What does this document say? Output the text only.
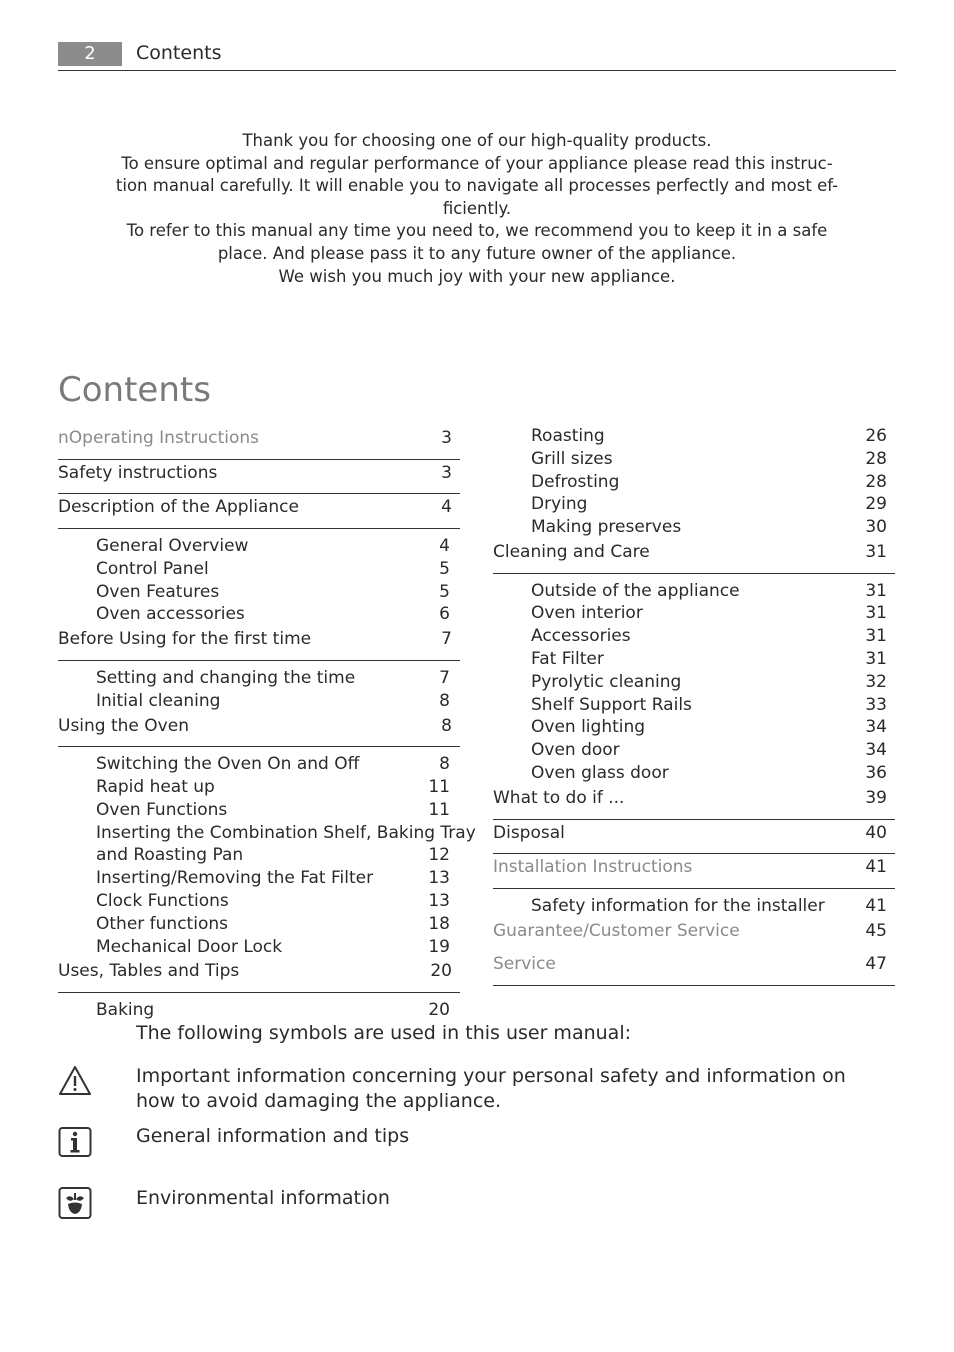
2	Contents
Thank you for choosing one of our high-quality products.
To ensure optimal and regular performance of your appliance please read this instruc-
tion manual carefully. It will enable you to navigate all processes perfectly and most ef-
ficiently.
To refer to this manual any time you need to, we recommend you to keep it in a safe
place. And please pass it to any future owner of the appliance.
We wish you much joy with your new appliance.
Contents
nOperating Instructions	3
Safety instructions	3
Description of the Appliance	4
General Overview	4
Control Panel	5
Oven Features	5
Oven accessories	6
Before Using for the first time	7
Setting and changing the time	7
Initial cleaning	8
Using the Oven	8
Switching the Oven On and Off	8
Rapid heat up	11
Oven Functions	11
Inserting the Combination Shelf, Baking Tray
and Roasting Pan	12
Inserting/Removing the Fat Filter	13
Clock Functions	13
Other functions	18
Mechanical Door Lock	19
Uses, Tables and Tips	20
Baking	20
Roasting	26
Grill sizes	28
Defrosting	28
Drying	29
Making preserves	30
Cleaning and Care	31
Outside of the appliance	31
Oven interior	31
Accessories	31
Fat Filter	31
Pyrolytic cleaning	32
Shelf Support Rails	33
Oven lighting	34
Oven door	34
Oven glass door	36
What to do if ...	39
Disposal	40
Installation Instructions	41
Safety information for the installer 41
Guarantee/Customer Service	45
Service	47
The following symbols are used in this user manual:
Important information concerning your personal safety and information on how to avoid damaging the appliance.
General information and tips
Environmental information
